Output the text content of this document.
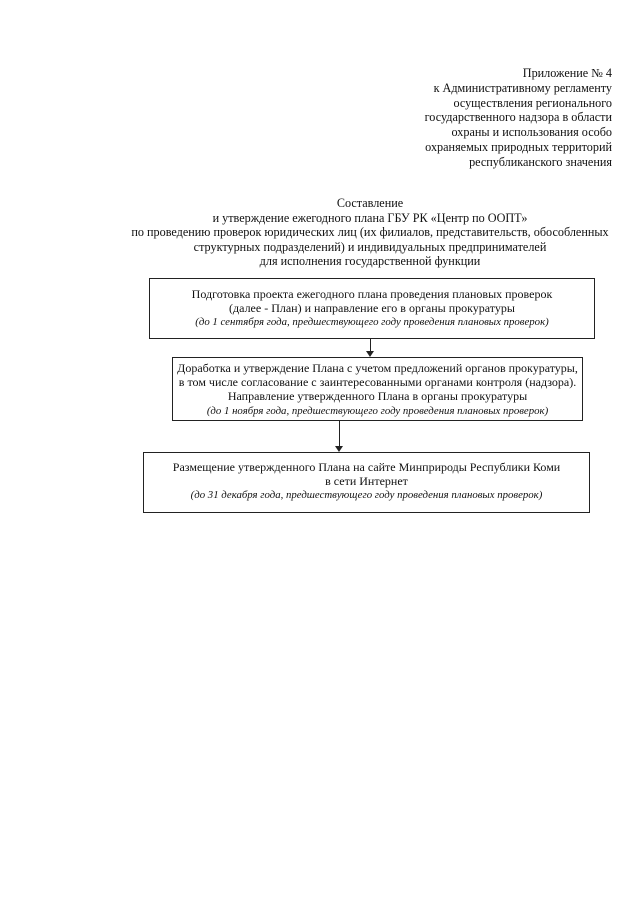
Приложение № 4
к Административному регламенту
осуществления регионального
государственного надзора в области
охраны и использования особо
охраняемых природных территорий
республиканского значения
Составление
и утверждение ежегодного плана ГБУ РК «Центр по ООПТ»
по проведению проверок юридических лиц (их филиалов, представительств, обособленных
структурных подразделений) и индивидуальных предпринимателей
для исполнения государственной функции
Подготовка проекта ежегодного плана проведения плановых проверок
(далее - План) и направление его в органы прокуратуры
(до 1 сентября года, предшествующего году проведения плановых проверок)
Доработка и утверждение Плана с учетом предложений органов прокуратуры,
в том числе согласование с заинтересованными органами контроля (надзора).
Направление утвержденного Плана в органы прокуратуры
(до 1 ноября года, предшествующего году проведения плановых проверок)
Размещение утвержденного Плана на сайте Минприроды Республики Коми
в сети Интернет
(до 31 декабря года, предшествующего году проведения плановых проверок)
